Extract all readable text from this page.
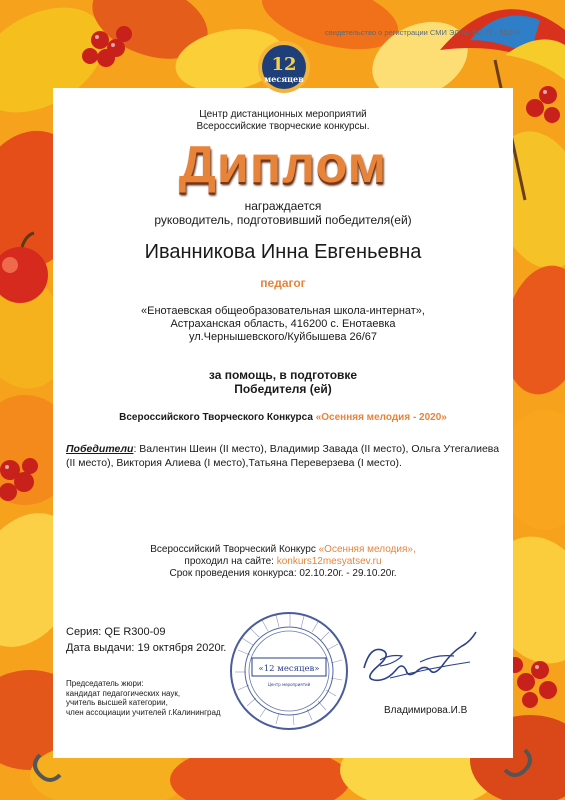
свидетельство о регистрации СМИ ЭЛ № ФС 77 - 55274
12
месяцев
Центр дистанционных мероприятий
Всероссийские творческие конкурсы.
Диплом
награждается
руководитель, подготовивший победителя(ей)
Иванникова Инна Евгеньевна
педагог
«Енотаевская общеобразовательная школа-интернат»,
Астраханская область, 416200 с. Енотаевка
ул.Чернышевского/Куйбышева 26/67
за помощь, в подготовке
Победителя (ей)
Всероссийского Творческого Конкурса «Осенняя мелодия - 2020»
Победители: Валентин Шеин (II место), Владимир Завада (II место), Ольга Утегалиева (II место), Виктория Алиева (I место),Татьяна Переверзева (I место).
Всероссийский Творческий Конкурс «Осенняя мелодия»,
проходил на сайте: konkurs12mesyatsev.ru
Срок проведения конкурса: 02.10.20г. - 29.10.20г.
Серия: QE R300-09
Дата выдачи: 19 октября 2020г.
Председатель жюри:
кандидат педагогических наук,
учитель высшей категории,
член ассоциации учителей г.Калининград
«12 месяцев»
Центр мероприятий
Владимирова.И.В
